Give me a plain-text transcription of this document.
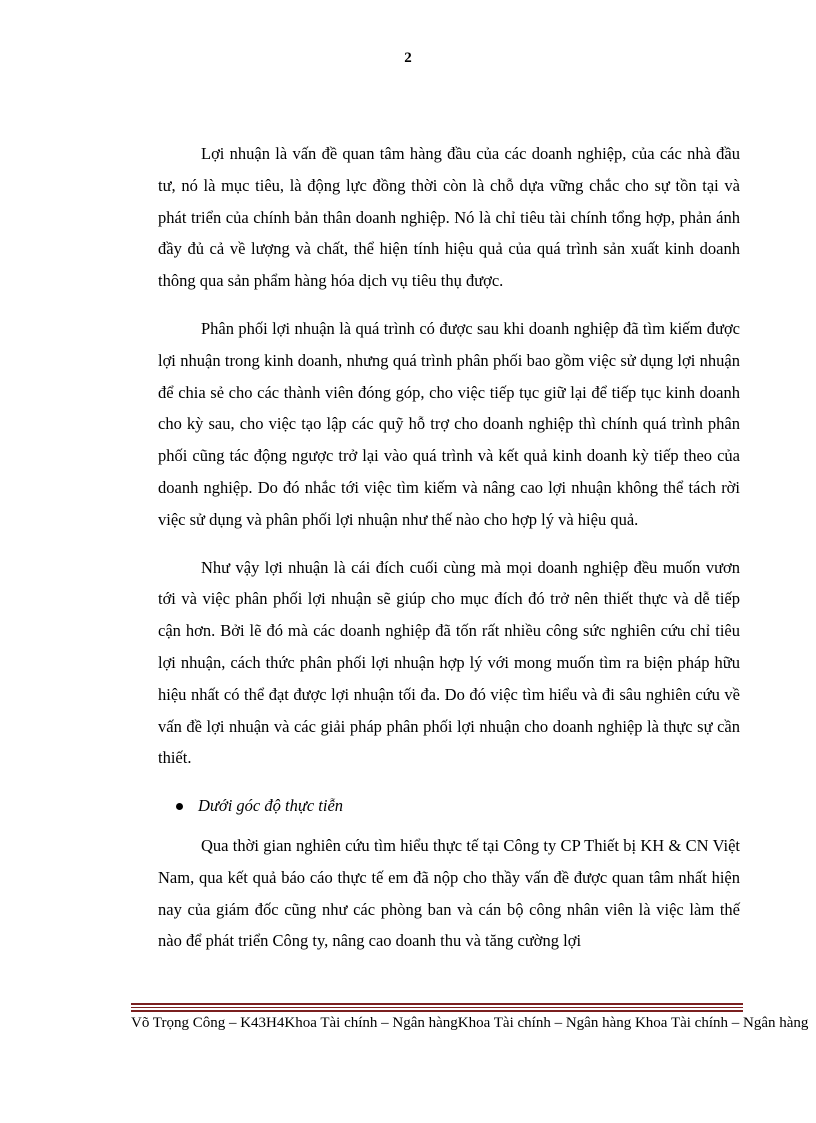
2

Lợi nhuận là vấn đề quan tâm hàng đầu của các doanh nghiệp, của các nhà đầu tư, nó là mục tiêu, là động lực đồng thời còn là chỗ dựa vững chắc cho sự tồn tại và phát triển của chính bản thân doanh nghiệp. Nó là chỉ tiêu tài chính tổng hợp, phản ánh đầy đủ cả về lượng và chất, thể hiện tính hiệu quả của quá trình sản xuất kinh doanh thông qua sản phẩm hàng hóa dịch vụ tiêu thụ được.

Phân phối lợi nhuận là quá trình có được sau khi doanh nghiệp đã tìm kiếm được lợi nhuận trong kinh doanh, nhưng quá trình phân phối bao gồm việc sử dụng lợi nhuận để chia sẻ cho các thành viên đóng góp, cho việc tiếp tục giữ lại để tiếp tục kinh doanh cho kỳ sau, cho việc tạo lập các quỹ hỗ trợ cho doanh nghiệp thì chính quá trình phân phối cũng tác động ngược trở lại vào quá trình và kết quả kinh doanh kỳ tiếp theo của doanh nghiệp. Do đó nhắc tới việc tìm kiếm và nâng cao lợi nhuận không thể tách rời việc sử dụng và phân phối lợi nhuận như thế nào cho hợp lý và hiệu quả.

Như vậy lợi nhuận là cái đích cuối cùng mà mọi doanh nghiệp đều muốn vươn tới và việc phân phối lợi nhuận sẽ giúp cho mục đích đó trở nên thiết thực và dễ tiếp cận hơn. Bởi lẽ đó mà các doanh nghiệp đã tốn rất nhiều công sức nghiên cứu chỉ tiêu lợi nhuận, cách thức phân phối lợi nhuận hợp lý với mong muốn tìm ra biện pháp hữu hiệu nhất có thể đạt được lợi nhuận tối đa. Do đó việc tìm hiểu và đi sâu nghiên cứu về vấn đề lợi nhuận và các giải pháp phân phối lợi nhuận cho doanh nghiệp là thực sự cần thiết.

Dưới góc độ thực tiễn

Qua thời gian nghiên cứu tìm hiểu thực tế tại Công ty CP Thiết bị KH & CN Việt Nam, qua kết quả báo cáo thực tế em đã nộp cho thầy vấn đề được quan tâm nhất hiện nay của giám đốc cũng như các phòng ban và cán bộ công nhân viên là việc làm thế nào để phát triển Công ty, nâng cao doanh thu và tăng cường lợi

Võ Trọng Công – K43H4Khoa Tài chính – Ngân hàngKhoa Tài chính – Ngân hàng Khoa Tài chính – Ngân hàng
